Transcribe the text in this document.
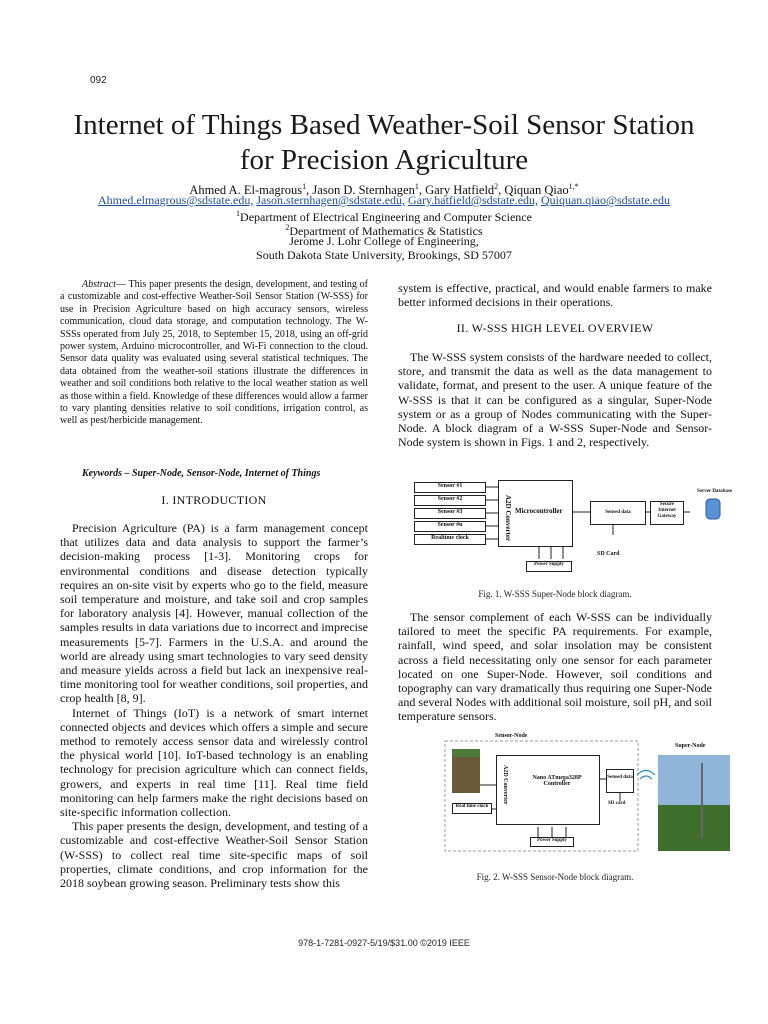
092
Internet of Things Based Weather-Soil Sensor Station for Precision Agriculture
Ahmed A. El-magrous$^1$, Jason D. Sternhagen$^1$, Gary Hatfield$^2$, Qiquan Qiao$^{1,*}$
Ahmed.elmagrous@sdstate.edu, Jason.sternhagen@sdstate.edu, Gary.hatfield@sdstate.edu, Quiquan.qiao@sdstate.edu
$^1$Department of Electrical Engineering and Computer Science
$^2$Department of Mathematics & Statistics
Jerome J. Lohr College of Engineering,
South Dakota State University, Brookings, SD 57007

Abstract— This paper presents the design, development, and testing of a customizable and cost-effective Weather-Soil Sensor Station (W-SSS) for use in Precision Agriculture based on high accuracy sensors, wireless communication, cloud data storage, and computation technology. The W-SSSs operated from July 25, 2018, to September 15, 2018, using an off-grid power system, Arduino microcontroller, and Wi-Fi connection to the cloud. Sensor data quality was evaluated using several statistical techniques. The data obtained from the weather-soil stations illustrate the differences in weather and soil conditions both relative to the local weather station as well as those within a field. Knowledge of these differences would allow a farmer to vary planting densities relative to soil conditions, irrigation control, as well as pest/herbicide management.

Keywords – Super-Node, Sensor-Node, Internet of Things
I. INTRODUCTION

Precision Agriculture (PA) is a farm management concept that utilizes data and data analysis to support the farmer’s decision-making process [1-3]. Monitoring crops for environmental conditions and disease detection typically requires an on-site visit by experts who go to the field, measure soil temperature and moisture, and take soil and crop samples for laboratory analysis [4]. However, manual collection of the samples results in data variations due to incorrect and imprecise measurements [5-7]. Farmers in the U.S.A. and around the world are already using smart technologies to vary seed density and measure yields across a field but lack an inexpensive real-time monitoring tool for weather conditions, soil properties, and crop health [8, 9].

Internet of Things (IoT) is a network of smart internet connected objects and devices which offers a simple and secure method to remotely access sensor data and wirelessly control the physical world [10]. IoT-based technology is an enabling technology for precision agriculture which can connect fields, growers, and experts in real time [11]. Real time field monitoring can help farmers make the right decisions based on site-specific information collection.

This paper presents the design, development, and testing of a customizable and cost-effective Weather-Soil Sensor Station (W-SSS) to collect real time site-specific maps of soil properties, climate conditions, and crop information for the 2018 soybean growing season. Preliminary tests show this

system is effective, practical, and would enable farmers to make better informed decisions in their operations.

II. W-SSS HIGH LEVEL OVERVIEW

The W-SSS system consists of the hardware needed to collect, store, and transmit the data as well as the data management to validate, format, and present to the user. A unique feature of the W-SSS is that it can be configured as a singular, Super-Node system or as a group of Nodes communicating with the Super-Node. A block diagram of a W-SSS Super-Node and Sensor-Node system is shown in Figs. 1 and 2, respectively.

Sensor #1
Sensor #2
Sensor #3
Sensor #n
Realtime clock	A2D Converter Microcontroller	Sensed data
Secure Internet Gateway
Server Database
SD Card
Power Supply
Fig. 1. W-SSS Super-Node block diagram.

The sensor complement of each W-SSS can be individually tailored to meet the specific PA requirements. For example, rainfall, wind speed, and solar insolation may be consistent across a field necessitating only one sensor for each parameter located on one Super-Node. However, soil conditions and topography can vary dramatically thus requiring one Super-Node and several Nodes with additional soil moisture, soil pH, and soil temperature sensors.

Sensor-Node
Super-Node
A2D Converter	Nano ATmega328P Controller
Sensed data
SD card
Real time clock
Power Supply
Fig. 2. W-SSS Sensor-Node block diagram.
978-1-7281-0927-5/19/$31.00 ©2019 IEEE
